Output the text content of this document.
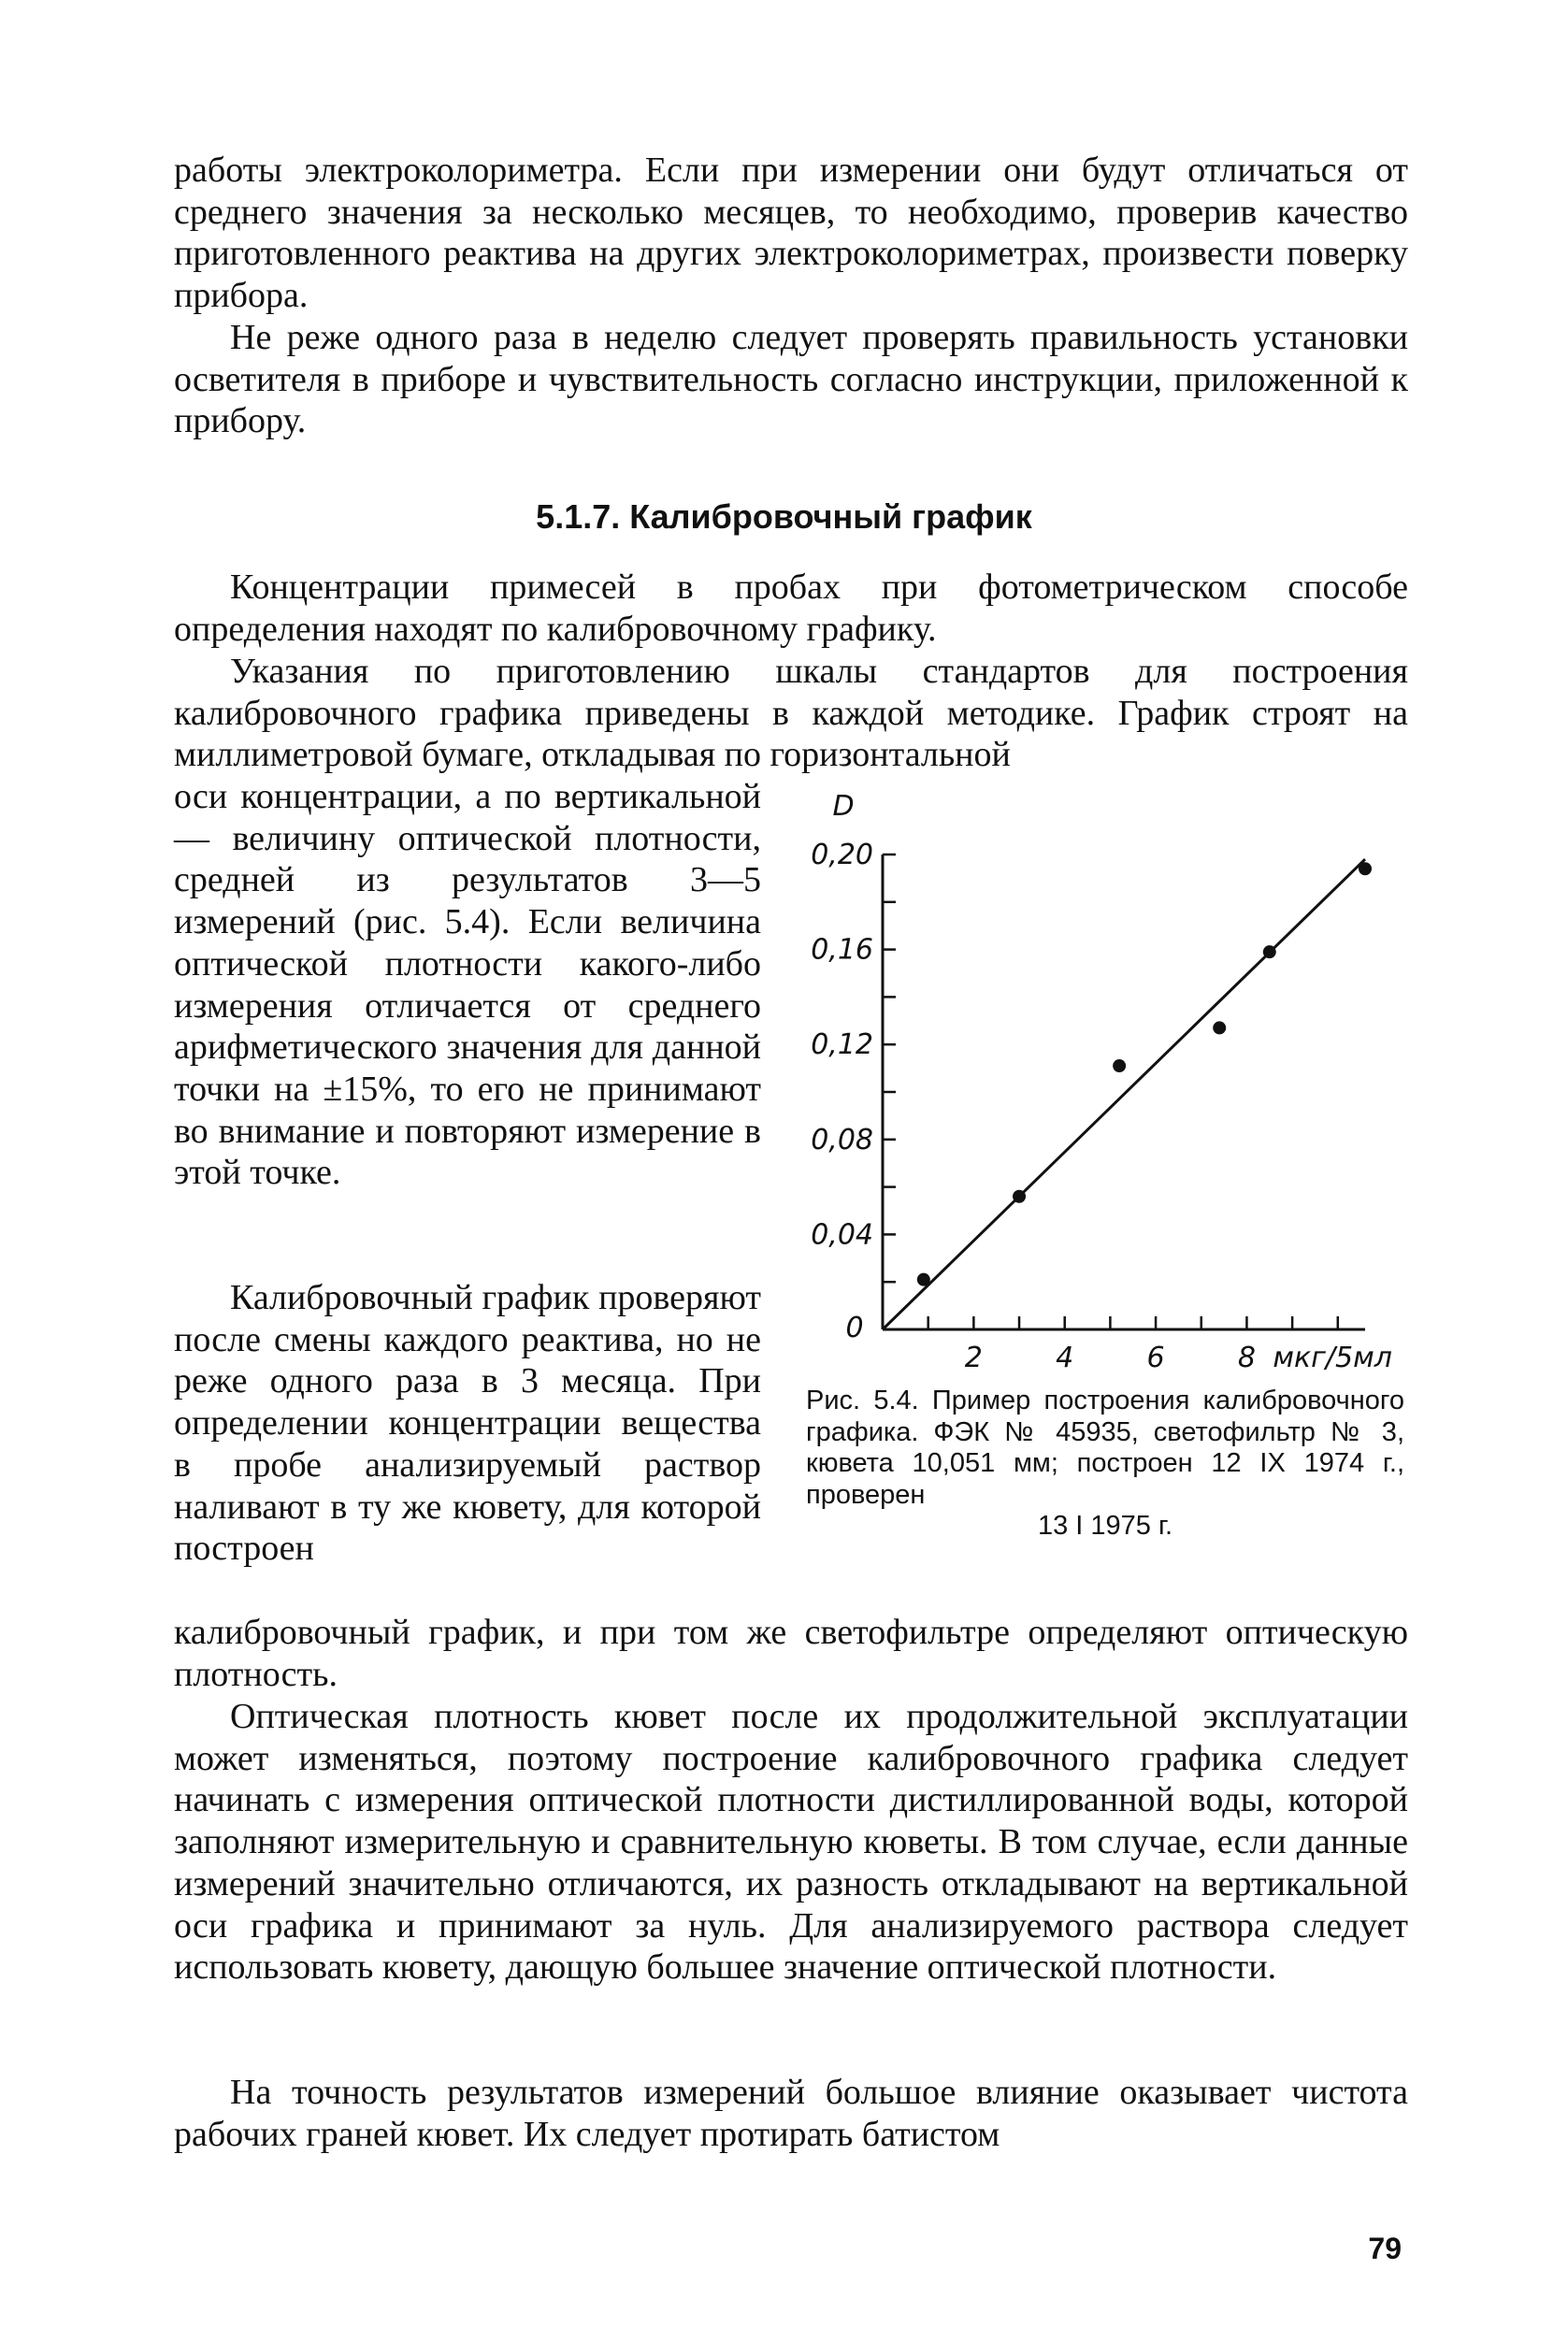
работы электроколориметра. Если при измерении они будут отличаться от среднего значения за несколько месяцев, то необходимо, проверив качество приготовленного реактива на других электроколориметрах, произвести поверку прибора.

Не реже одного раза в неделю следует проверять правильность установки осветителя в приборе и чувствительность согласно инструкции, приложенной к прибору.

5.1.7. Калибровочный график

Концентрации примесей в пробах при фотометрическом способе определения находят по калибровочному графику.

Указания по приготовлению шкалы стандартов для построения калибровочного графика приведены в каждой методике. График строят на миллиметровой бумаге, откладывая по горизонтальной

оси концентрации, а по вертикальной — величину оптической плотности, средней из результатов 3—5 измерений (рис. 5.4). Если величина оптической плотности какого-либо измерения отличается от среднего арифметического значения для данной точки на ±15%, то его не принимают во внимание и повторяют измерение в этой точке.

Калибровочный график проверяют после смены каждого реактива, но не реже одного раза в 3 месяца. При определении концентрации вещества в пробе анализируемый раствор наливают в ту же кювету, для которой построен

калибровочный график, и при том же светофильтре определяют оптическую плотность.

Оптическая плотность кювет после их продолжительной эксплуатации может изменяться, поэтому построение калибровочного графика следует начинать с измерения оптической плотности дистиллированной воды, которой заполняют измерительную и сравнительную кюветы. В том случае, если данные измерений значительно отличаются, их разность откладывают на вертикальной оси графика и принимают за нуль. Для анализируемого раствора следует использовать кювету, дающую большее значение оптической плотности.

На точность результатов измерений большое влияние оказывает чистота рабочих граней кювет. Их следует протирать батистом

0,04
0,08
0,12
0,16
0,20
D
0
2	4	6	8 мкг/5мл

Рис. 5.4. Пример построения калибровочного графика. ФЭК № 45935, светофильтр № 3, кювета 10,051 мм; построен 12 IX 1974 г., проверен
13 I 1975 г.

79
